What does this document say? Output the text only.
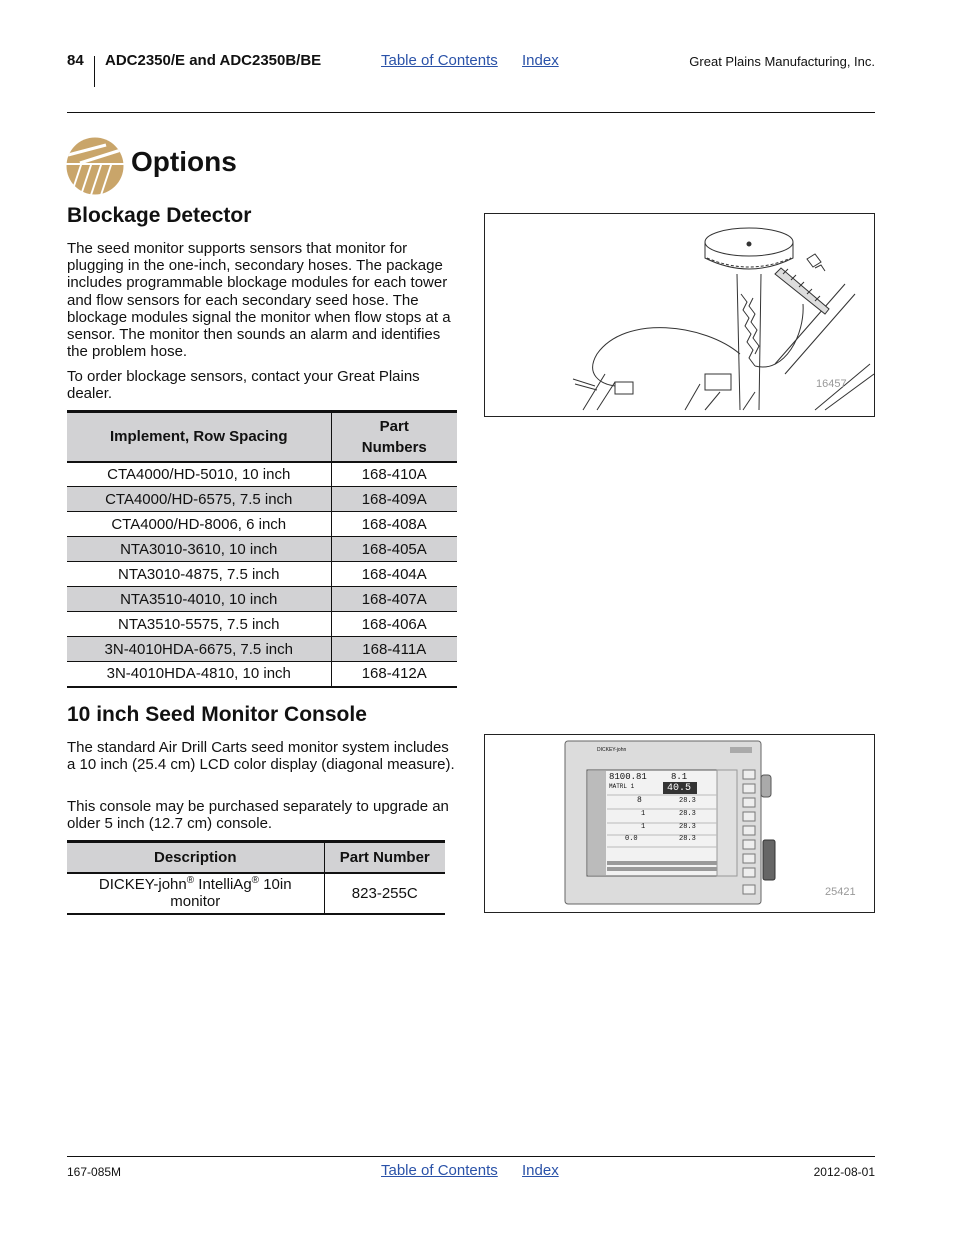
84 ADC2350/E and ADC2350B/BE	Table of Contents Index	Great Plains Manufacturing, Inc.
Options
Blockage Detector
The seed monitor supports sensors that monitor for plugging in the one-inch, secondary hoses. The package includes programmable blockage modules for each tower and flow sensors for each secondary seed hose. The blockage modules signal the monitor when flow stops at a sensor. The monitor then sounds an alarm and identifies the problem hose.
To order blockage sensors, contact your Great Plains dealer.
Implement, Row Spacing	Part
Numbers
CTA4000/HD-5010, 10 inch	168-410A
CTA4000/HD-6575, 7.5 inch	168-409A
CTA4000/HD-8006, 6 inch	168-408A
NTA3010-3610, 10 inch	168-405A
NTA3010-4875, 7.5 inch	168-404A
NTA3510-4010, 10 inch	168-407A
NTA3510-5575, 7.5 inch	168-406A
3N-4010HDA-6675, 7.5 inch	168-411A
3N-4010HDA-4810, 10 inch	168-412A
16457
10 inch Seed Monitor Console
The standard Air Drill Carts seed monitor system includes a 10 inch (25.4 cm) LCD color display (diagonal measure).
This console may be purchased separately to upgrade an older 5 inch (12.7 cm) console.
Description	Part Number
DICKEY-john® IntelliAg® 10in
monitor	823-255C
DICKEY-john
8100.81	8.1
MATRL 1	40.5
8	28.3
1	28.3
1	28.3
0.0	28.3
25421
167-085M	Table of Contents Index	2012-08-01
